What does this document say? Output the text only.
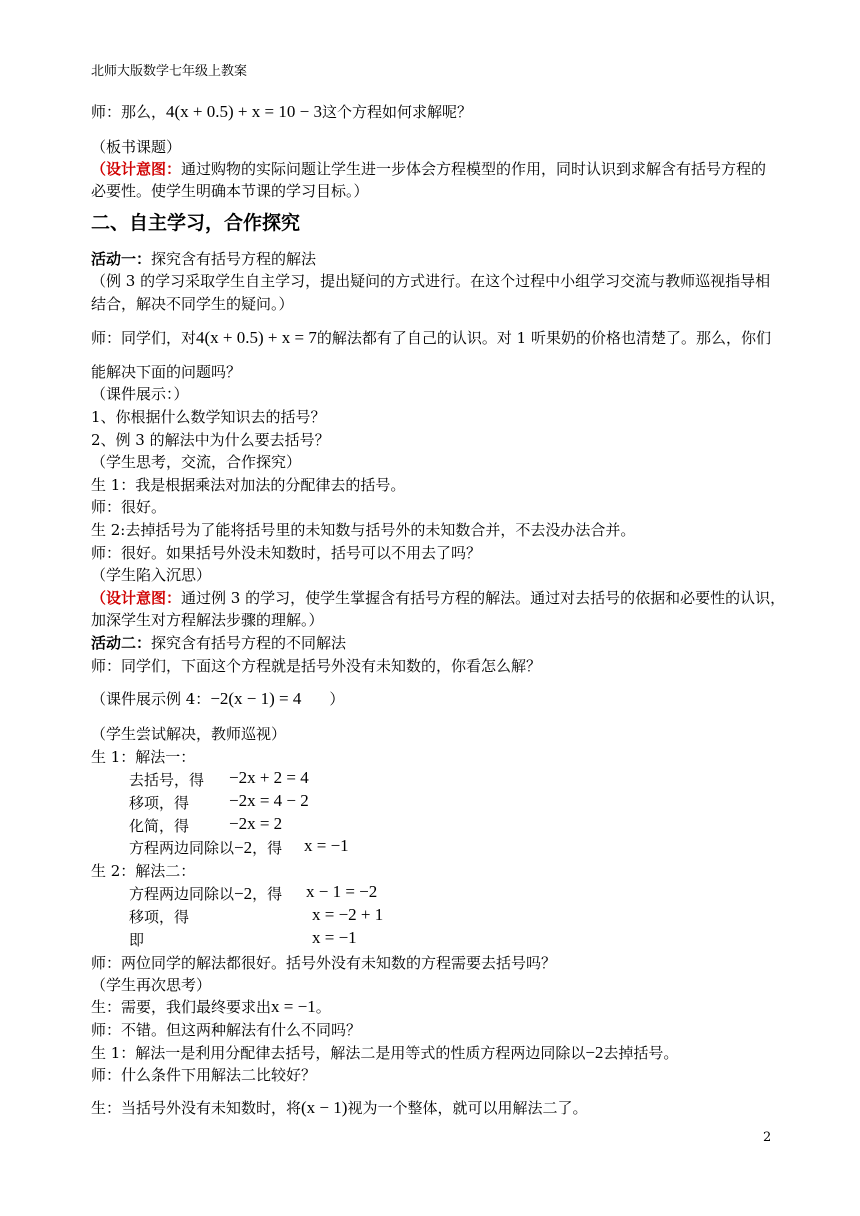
北师大版数学七年级上教案
师：那么，4(x + 0.5) + x = 10 − 3这个方程如何求解呢？
（板书课题）
（设计意图：通过购物的实际问题让学生进一步体会方程模型的作用，同时认识到求解含有括号方程的
必要性。使学生明确本节课的学习目标。）
二、自主学习，合作探究
活动一：探究含有括号方程的解法
（例 3 的学习采取学生自主学习，提出疑问的方式进行。在这个过程中小组学习交流与教师巡视指导相
结合，解决不同学生的疑问。）
师：同学们，对4(x + 0.5) + x = 7的解法都有了自己的认识。对 1 听果奶的价格也清楚了。那么，你们
能解决下面的问题吗？
（课件展示：）
1、你根据什么数学知识去的括号？
2、例 3 的解法中为什么要去括号？
（学生思考，交流，合作探究）
生 1：我是根据乘法对加法的分配律去的括号。
师：很好。
生 2:去掉括号为了能将括号里的未知数与括号外的未知数合并，不去没办法合并。
师：很好。如果括号外没未知数时，括号可以不用去了吗？
（学生陷入沉思）
（设计意图：通过例 3 的学习，使学生掌握含有括号方程的解法。通过对去括号的依据和必要性的认识，
加深学生对方程解法步骤的理解。）
活动二：探究含有括号方程的不同解法
师：同学们，下面这个方程就是括号外没有未知数的，你看怎么解？
（课件展示例 4：−2(x − 1) = 4 ）
（学生尝试解决，教师巡视）
生 1：解法一：
去括号，得 −2x + 2 = 4
移项，得 −2x = 4 − 2
化简，得 −2x = 2
方程两边同除以−2，得 x = −1
生 2：解法二：
方程两边同除以−2，得 x − 1 = −2
移项，得	x = −2 + 1
即	x = −1
师：两位同学的解法都很好。括号外没有未知数的方程需要去括号吗？
（学生再次思考）
生：需要，我们最终要求出x = −1。
师：不错。但这两种解法有什么不同吗？
生 1：解法一是利用分配律去括号，解法二是用等式的性质方程两边同除以−2去掉括号。
师：什么条件下用解法二比较好？
生：当括号外没有未知数时，将(x − 1)视为一个整体，就可以用解法二了。
2
